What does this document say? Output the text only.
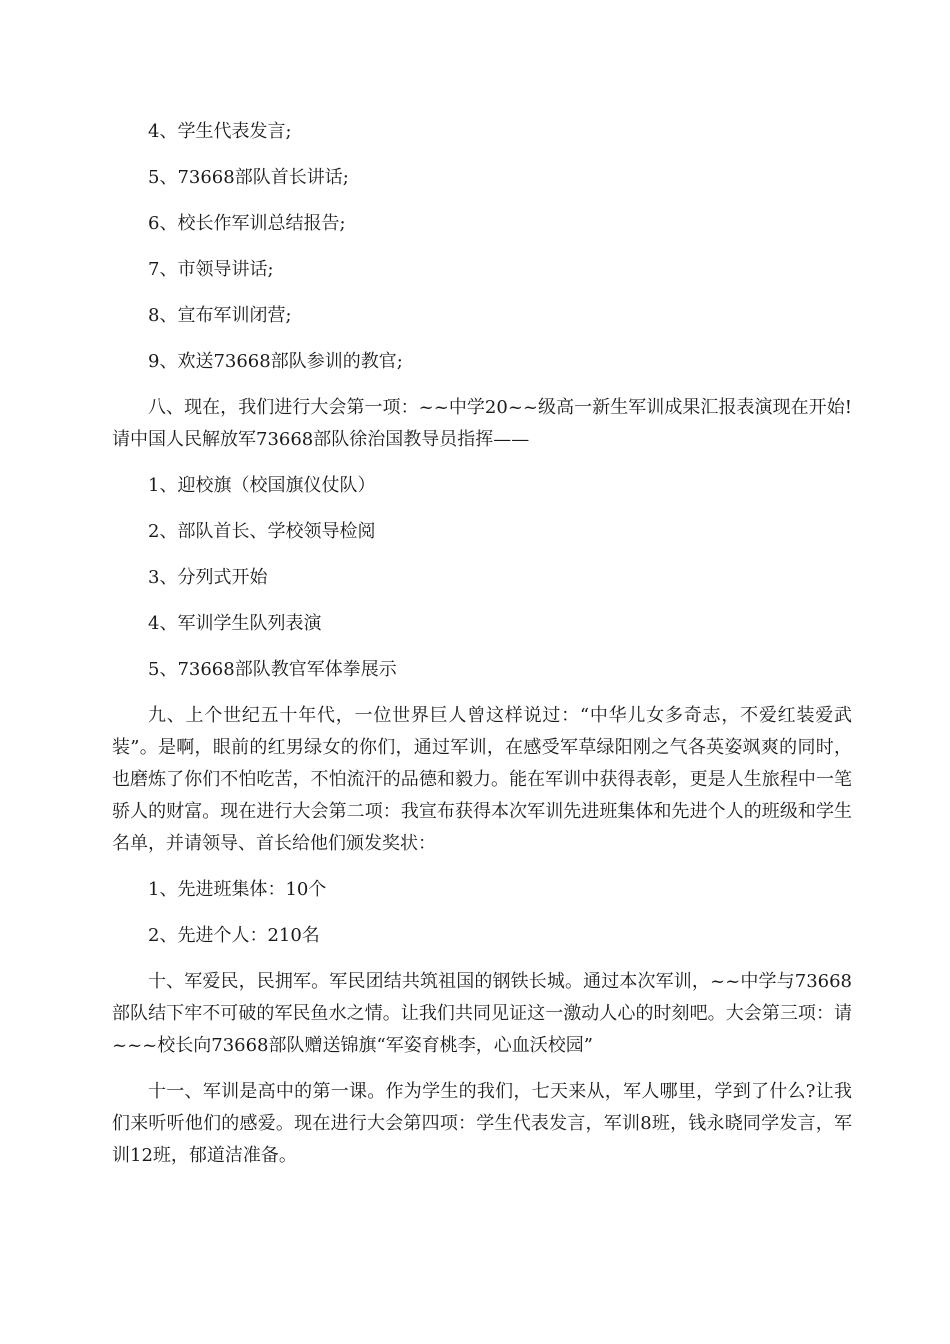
4、学生代表发言;

5、73668部队首长讲话;

6、校长作军训总结报告;

7、市领导讲话;

8、宣布军训闭营;

9、欢送73668部队参训的教官;

八、现在，我们进行大会第一项：~~中学20~~级高一新生军训成果汇报表演现在开始!请中国人民解放军73668部队徐治国教导员指挥——

1、迎校旗（校国旗仪仗队）

2、部队首长、学校领导检阅

3、分列式开始

4、军训学生队列表演

5、73668部队教官军体拳展示

九、上个世纪五十年代，一位世界巨人曾这样说过：“中华儿女多奇志，不爱红装爱武装”。是啊，眼前的红男绿女的你们，通过军训，在感受军草绿阳刚之气各英姿飒爽的同时，也磨炼了你们不怕吃苦，不怕流汗的品德和毅力。能在军训中获得表彰，更是人生旅程中一笔骄人的财富。现在进行大会第二项：我宣布获得本次军训先进班集体和先进个人的班级和学生名单，并请领导、首长给他们颁发奖状：

1、先进班集体：10个

2、先进个人：210名

十、军爱民，民拥军。军民团结共筑祖国的钢铁长城。通过本次军训，~~中学与73668部队结下牢不可破的军民鱼水之情。让我们共同见证这一激动人心的时刻吧。大会第三项：请~~~校长向73668部队赠送锦旗“军姿育桃李，心血沃校园”

十一、军训是高中的第一课。作为学生的我们，七天来从，军人哪里，学到了什么?让我们来听听他们的感爱。现在进行大会第四项：学生代表发言，军训8班，钱永晓同学发言，军训12班，郁道洁准备。
